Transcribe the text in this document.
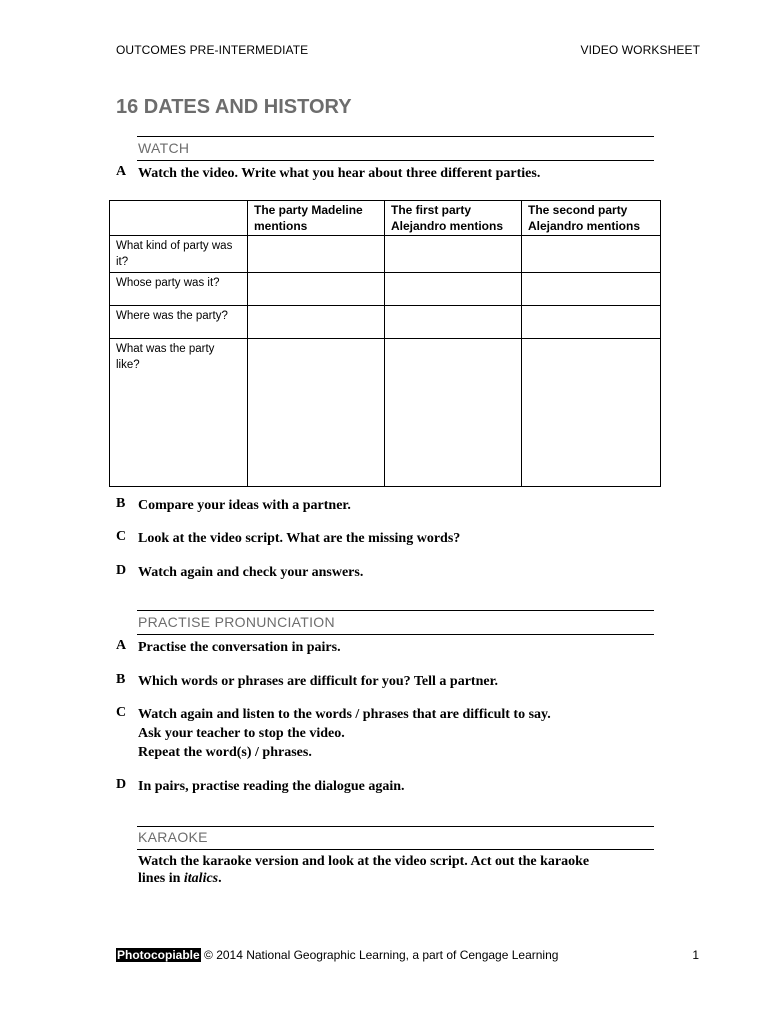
OUTCOMES PRE-INTERMEDIATE	VIDEO WORKSHEET
16 DATES AND HISTORY
WATCH
A Watch the video. Write what you hear about three different parties.
	The party Madeline mentions	The first party Alejandro mentions	The second party Alejandro mentions
What kind of party was it?			
Whose party was it?			
Where was the party?			
What was the party like?			
B Compare your ideas with a partner.
C Look at the video script. What are the missing words?
D Watch again and check your answers.
PRACTISE PRONUNCIATION
A Practise the conversation in pairs.
B Which words or phrases are difficult for you? Tell a partner.
C Watch again and listen to the words / phrases that are difficult to say.
Ask your teacher to stop the video.
Repeat the word(s) / phrases.
D In pairs, practise reading the dialogue again.
KARAOKE
Watch the karaoke version and look at the video script. Act out the karaoke
lines in italics.
Photocopiable © 2014 National Geographic Learning, a part of Cengage Learning	1
